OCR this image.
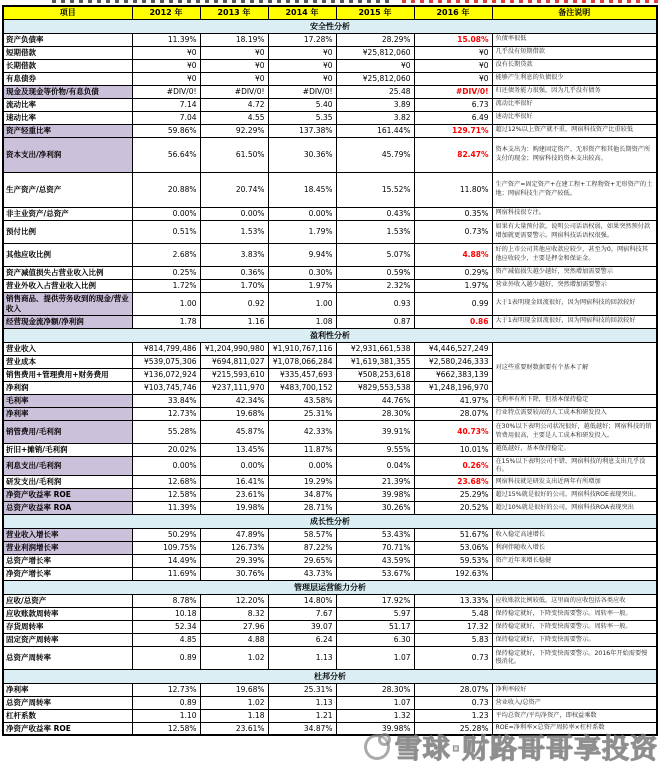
项目	2012 年	2013 年	2014 年	2015 年	2016 年	备注说明
安全性分析						
资产负债率	11.39%	18.19%	17.28%	28.29%	15.08%	负债率很低
短期借款	¥0	¥0	¥0	¥25,812,060	¥0	几乎没有短期借款
长期借款	¥0	¥0	¥0	¥0	¥0	没有长期贷款
有息债券	¥0	¥0	¥0	¥25,812,060	¥0	能够产生利息的负债很少
现金及现金等价物/有息负债	#DIV/0!	#DIV/0!	#DIV/0!	25.48	#DIV/0!	归还债务能力很强，因为几乎没有债务
流动比率	7.14	4.72	5.40	3.89	6.73	流动比率很好
速动比率	7.04	4.55	5.35	3.82	6.49	速动比率很好
资产轻重比率	59.86%	92.29%	137.38%	161.44%	129.71%	超过12%以上资产就不重，网宿科技资产比重较低
资本支出/净利润	56.64%	61.50%	30.36%	45.79%	82.47%	资本支出为：购建固定资产、无形资产和其他长期资产所支付的现金；网宿科技的资本支出较高。
生产资产/总资产	20.88%	20.74%	18.45%	15.52%	11.80%	生产资产=固定资产+在建工程+工程物资+无形资产的土地；网宿科技生产资产较低。
非主业资产/总资产	0.00%	0.00%	0.00%	0.43%	0.35%	网宿科技很专注。
预付比例	0.51%	1.53%	1.79%	1.53%	0.73%	如果有大量预付款，说明公司话语权弱，如果突然预付款增加就更需要警示。网宿科技话语权很强。
其他应收比例	2.68%	3.83%	9.94%	5.07%	4.88%	好的上市公司其他应收款应较少，甚至为0。网宿科技其他应收较少，主要是押金和保证金。
资产减值损失占营业收入比例	0.25%	0.36%	0.30%	0.59%	0.29%	资产减值损失越少越好，突然增加需要警示
营业外收入占营业收入比例	1.72%	1.70%	1.97%	2.32%	1.97%	营业外收入越少越好，突然增加需要警示
销售商品、提供劳务收到的现金/营业收入	1.00	0.92	1.00	0.93	0.99	大于1表明现金回流很好，因为网宿科技的回款较好
经营现金流净额/净利润	1.78	1.16	1.08	0.87	0.86	大于1表明现金回流很好，因为网宿科技的回款较好
盈利性分析						
营业收入	¥814,799,486	¥1,204,990,980	¥1,910,767,116	¥2,931,661,538	¥4,446,527,249	对这些重要财数据要有个基本了解
营业成本	¥539,075,306	¥694,811,027	¥1,078,066,284	¥1,619,381,355	¥2,580,246,333	
销售费用+管理费用+财务费用	¥136,072,924	¥215,593,610	¥335,457,693	¥508,253,618	¥662,383,139	
净利润	¥103,745,746	¥237,111,970	¥483,700,152	¥829,553,538	¥1,248,196,970	
毛利率	33.84%	42.34%	43.58%	44.76%	41.97%	毛利率有所下降，但基本保持稳定
净利率	12.73%	19.68%	25.31%	28.30%	28.07%	行业特点需要较高的人工成本和研发投入
销管费用/毛利润	55.28%	45.87%	42.33%	39.91%	40.73%	在30%以下表明公司状况很好，越低越好；网宿科技的销管费用很高，主要是人工成本和研发投入。
折旧+摊销/毛利润	20.02%	13.45%	11.87%	9.55%	10.01%	越低越好，基本保持稳定。
利息支出/毛利润	0.00%	0.00%	0.00%	0.04%	0.26%	在15%以下表明公司不错，网宿科技的利息支出几乎没有。
研发支出/毛利润	12.68%	16.41%	19.29%	21.39%	23.68%	网宿科技就是研发支出近两年有所增加
净资产收益率 ROE	12.58%	23.61%	34.87%	39.98%	25.29%	超过15%就是很好的公司，网宿科技ROE表现突出。
总资产收益率 ROA	11.39%	19.98%	28.71%	30.26%	20.52%	超过10%就是很好的公司，网宿科技ROA表现突出
成长性分析						
营业收入增长率	50.29%	47.89%	58.57%	53.43%	51.67%	收入稳定高速增长
营业利润增长率	109.75%	126.73%	87.22%	70.71%	53.06%	利润伴随收入增长
总资产增长率	14.49%	29.39%	29.65%	43.59%	59.53%	资产近年来增长稳健
净资产增长率	11.69%	30.76%	43.73%	53.67%	192.63%	
管理层运营能力分析						
应收/总资产	8.78%	12.20%	14.80%	17.92%	13.33%	应收账款比例较低，这里面的应收包括各类应收
应收账款周转率	10.18	8.32	7.67	5.97	5.48	保持稳定就好，下降变快需要警示。周转率一般。
存货周转率	52.34	27.96	39.07	51.17	17.32	保持稳定就好，下降变快需要警示。周转率一般。
固定资产周转率	4.85	4.88	6.24	6.30	5.83	保持稳定就好，下降变快需要警示。
总资产周转率	0.89	1.02	1.13	1.07	0.73	保持稳定就好，下降变快需要警示。2016年开始需要慢慢消化。
杜邦分析						
净利率	12.73%	19.68%	25.31%	28.30%	28.07%	净利率较好
总资产周转率	0.89	1.02	1.13	1.07	0.73	营业收入/总资产
杠杆系数	1.10	1.18	1.21	1.32	1.23	平均总资产/平均净资产，即权益乘数
净资产收益率 ROE	12.58%	23.61%	34.87%	39.98%	25.28%	ROE=净利率×总资产周转率×杠杆系数
雪球·财路哥哥享投资
